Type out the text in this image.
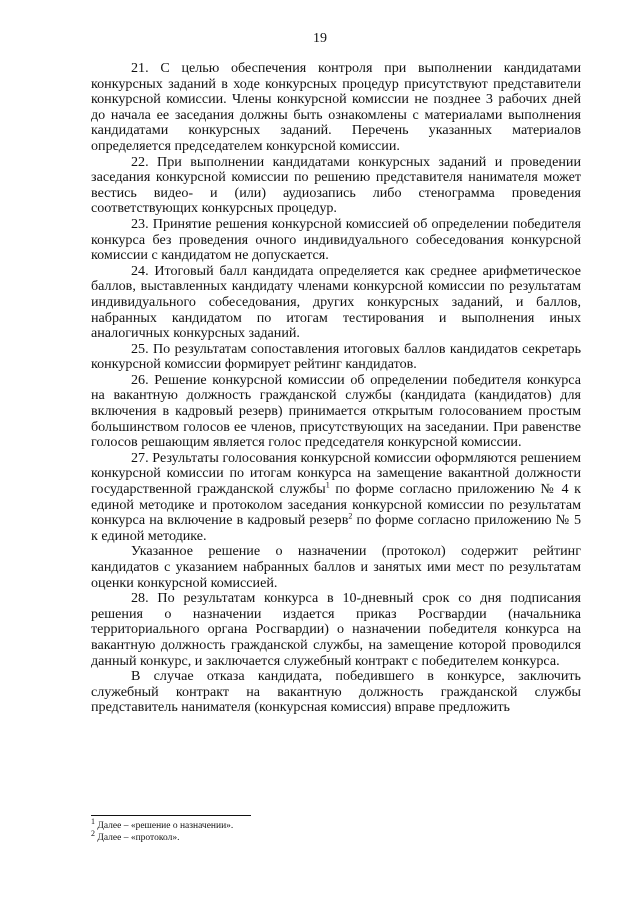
19

21. С целью обеспечения контроля при выполнении кандидатами конкурсных заданий в ходе конкурсных процедур присутствуют представители конкурсной комиссии. Члены конкурсной комиссии не позднее 3 рабочих дней до начала ее заседания должны быть ознакомлены с материалами выполнения кандидатами конкурсных заданий. Перечень указанных материалов определяется председателем конкурсной комиссии.

22. При выполнении кандидатами конкурсных заданий и проведении заседания конкурсной комиссии по решению представителя нанимателя может вестись видео- и (или) аудиозапись либо стенограмма проведения соответствующих конкурсных процедур.

23. Принятие решения конкурсной комиссией об определении победителя конкурса без проведения очного индивидуального собеседования конкурсной комиссии с кандидатом не допускается.

24. Итоговый балл кандидата определяется как среднее арифметическое баллов, выставленных кандидату членами конкурсной комиссии по результатам индивидуального собеседования, других конкурсных заданий, и баллов, набранных кандидатом по итогам тестирования и выполнения иных аналогичных конкурсных заданий.

25. По результатам сопоставления итоговых баллов кандидатов секретарь конкурсной комиссии формирует рейтинг кандидатов.

26. Решение конкурсной комиссии об определении победителя конкурса на вакантную должность гражданской службы (кандидата (кандидатов) для включения в кадровый резерв) принимается открытым голосованием простым большинством голосов ее членов, присутствующих на заседании. При равенстве голосов решающим является голос председателя конкурсной комиссии.

27. Результаты голосования конкурсной комиссии оформляются решением конкурсной комиссии по итогам конкурса на замещение вакантной должности государственной гражданской службы$^1$ по форме согласно приложению № 4 к единой методике и протоколом заседания конкурсной комиссии по результатам конкурса на включение в кадровый резерв$^2$ по форме согласно приложению № 5 к единой методике.

Указанное решение о назначении (протокол) содержит рейтинг кандидатов с указанием набранных баллов и занятых ими мест по результатам оценки конкурсной комиссией.

28. По результатам конкурса в 10-дневный срок со дня подписания решения о назначении издается приказ Росгвардии (начальника территориального органа Росгвардии) о назначении победителя конкурса на вакантную должность гражданской службы, на замещение которой проводился данный конкурс, и заключается служебный контракт с победителем конкурса.

В случае отказа кандидата, победившего в конкурсе, заключить служебный контракт на вакантную должность гражданской службы представитель нанимателя (конкурсная комиссия) вправе предложить

$^1$ Далее – «решение о назначении».

$^2$ Далее – «протокол».
